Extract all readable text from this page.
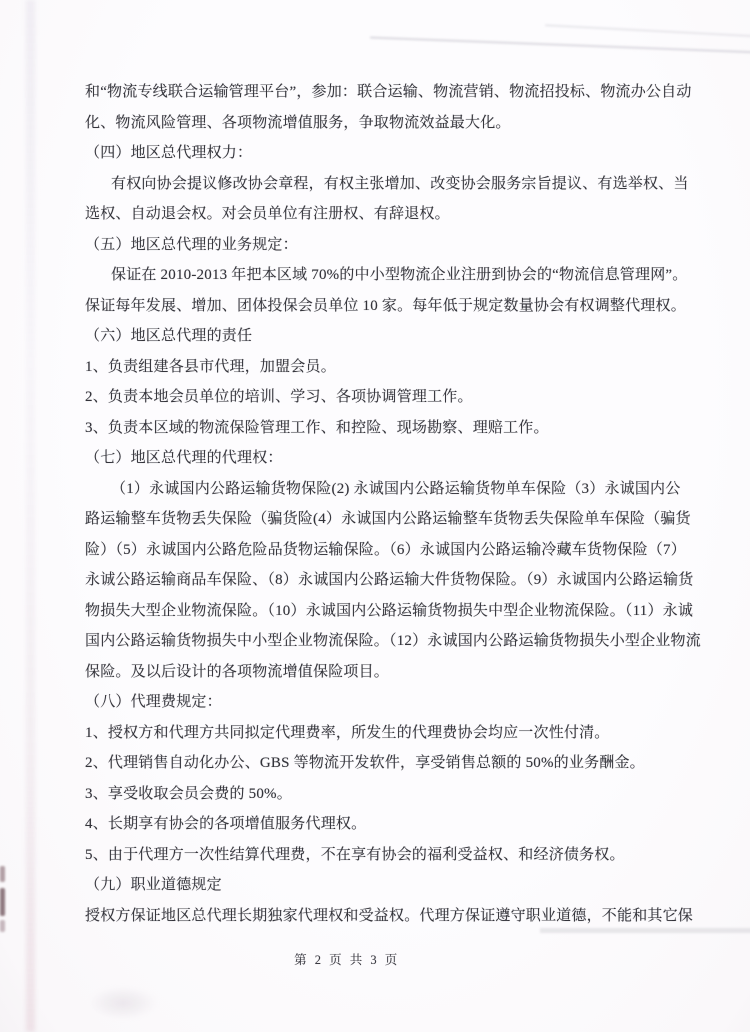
和“物流专线联合运输管理平台”，参加：联合运输、物流营销、物流招投标、物流办公自动

化、物流风险管理、各项物流增值服务，争取物流效益最大化。

（四）地区总代理权力：

有权向协会提议修改协会章程，有权主张增加、改变协会服务宗旨提议、有选举权、当

选权、自动退会权。对会员单位有注册权、有辞退权。

（五）地区总代理的业务规定：

保证在 2010-2013 年把本区域 70%的中小型物流企业注册到协会的“物流信息管理网”。

保证每年发展、增加、团体投保会员单位 10 家。每年低于规定数量协会有权调整代理权。

（六）地区总代理的责任

1、负责组建各县市代理，加盟会员。

2、负责本地会员单位的培训、学习、各项协调管理工作。

3、负责本区域的物流保险管理工作、和控险、现场勘察、理赔工作。

（七）地区总代理的代理权：

（1）永诚国内公路运输货物保险(2) 永诚国内公路运输货物单车保险（3）永诚国内公

路运输整车货物丢失保险（骗货险(4）永诚国内公路运输整车货物丢失保险单车保险（骗货

险）（5）永诚国内公路危险品货物运输保险。（6）永诚国内公路运输冷藏车货物保险（7）

永诚公路运输商品车保险、（8）永诚国内公路运输大件货物保险。（9）永诚国内公路运输货

物损失大型企业物流保险。（10）永诚国内公路运输货物损失中型企业物流保险。（11）永诚

国内公路运输货物损失中小型企业物流保险。（12）永诚国内公路运输货物损失小型企业物流

保险。及以后设计的各项物流增值保险项目。

（八）代理费规定：

1、授权方和代理方共同拟定代理费率，所发生的代理费协会均应一次性付清。

2、代理销售自动化办公、GBS 等物流开发软件，享受销售总额的 50%的业务酬金。

3、享受收取会员会费的 50%。

4、长期享有协会的各项增值服务代理权。

5、由于代理方一次性结算代理费，不在享有协会的福利受益权、和经济债务权。

（九）职业道德规定

授权方保证地区总代理长期独家代理权和受益权。代理方保证遵守职业道德，不能和其它保

第 2 页 共 3 页
